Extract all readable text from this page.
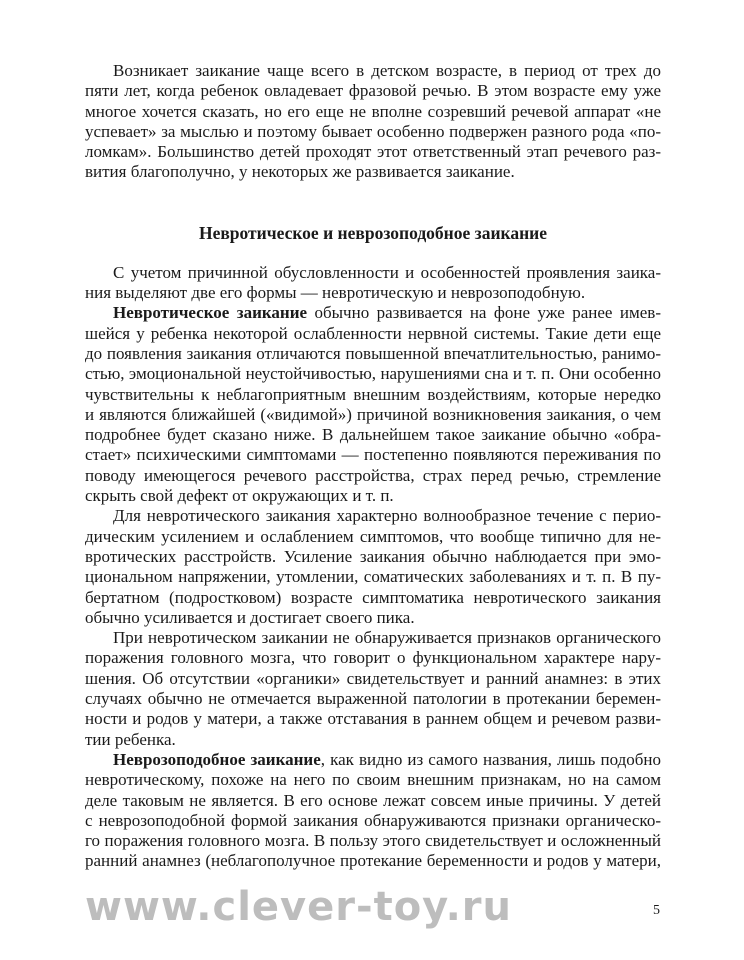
Возникает заикание чаще всего в детском возрасте, в период от трех до
пяти лет, когда ребенок овладевает фразовой речью. В этом возрасте ему уже
многое хочется сказать, но его еще не вполне созревший речевой аппарат «не
успевает» за мыслью и поэтому бывает особенно подвержен разного рода «по-
ломкам». Большинство детей проходят этот ответственный этап речевого раз-
вития благополучно, у некоторых же развивается заикание.
Невротическое и неврозоподобное заикание
С учетом причинной обусловленности и особенностей проявления заика-
ния выделяют две его формы — невротическую и неврозоподобную.
Невротическое заикание обычно развивается на фоне уже ранее имев-
шейся у ребенка некоторой ослабленности нервной системы. Такие дети еще
до появления заикания отличаются повышенной впечатлительностью, ранимо-
стью, эмоциональной неустойчивостью, нарушениями сна и т. п. Они особенно
чувствительны к неблагоприятным внешним воздействиям, которые нередко
и являются ближайшей («видимой») причиной возникновения заикания, о чем
подробнее будет сказано ниже. В дальнейшем такое заикание обычно «обра-
стает» психическими симптомами — постепенно появляются переживания по
поводу имеющегося речевого расстройства, страх перед речью, стремление
скрыть свой дефект от окружающих и т. п.
Для невротического заикания характерно волнообразное течение с перио-
дическим усилением и ослаблением симптомов, что вообще типично для не-
вротических расстройств. Усиление заикания обычно наблюдается при эмо-
циональном напряжении, утомлении, соматических заболеваниях и т. п. В пу-
бертатном (подростковом) возрасте симптоматика невротического заикания
обычно усиливается и достигает своего пика.
При невротическом заикании не обнаруживается признаков органического
поражения головного мозга, что говорит о функциональном характере нару-
шения. Об отсутствии «органики» свидетельствует и ранний анамнез: в этих
случаях обычно не отмечается выраженной патологии в протекании беремен-
ности и родов у матери, а также отставания в раннем общем и речевом разви-
тии ребенка.
Неврозоподобное заикание, как видно из самого названия, лишь подобно
невротическому, похоже на него по своим внешним признакам, но на самом
деле таковым не является. В его основе лежат совсем иные причины. У детей
с неврозоподобной формой заикания обнаруживаются признаки органическо-
го поражения головного мозга. В пользу этого свидетельствует и осложненный
ранний анамнез (неблагополучное протекание беременности и родов у матери,
www.clever-toy.ru	5
